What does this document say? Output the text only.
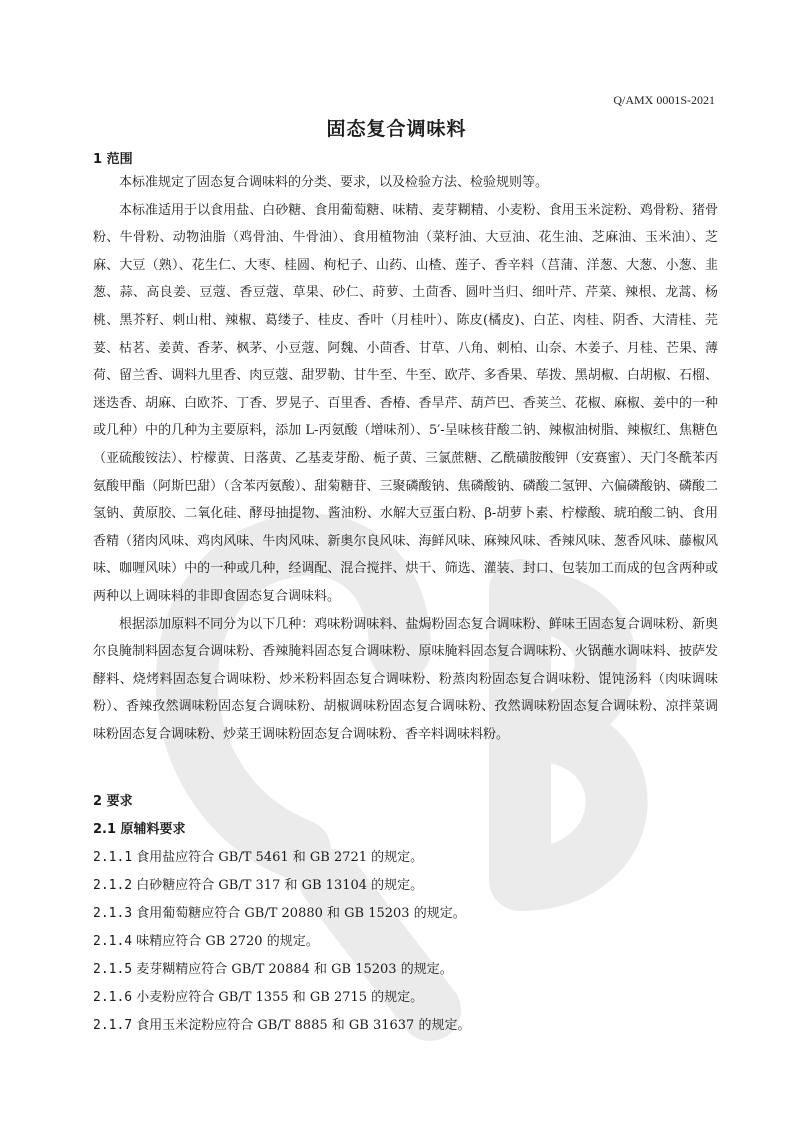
Q/AMX 0001S-2021
固态复合调味料
1 范围

本标准规定了固态复合调味料的分类、要求，以及检验方法、检验规则等。

本标准适用于以食用盐、白砂糖、食用葡萄糖、味精、麦芽糊精、小麦粉、食用玉米淀粉、鸡骨粉、猪骨粉、牛骨粉、动物油脂（鸡骨油、牛骨油）、食用植物油（菜籽油、大豆油、花生油、芝麻油、玉米油）、芝麻、大豆（熟）、花生仁、大枣、桂圆、枸杞子、山药、山楂、莲子、香辛料（莒蒲、洋葱、大葱、小葱、韭葱、蒜、高良姜、豆蔻、香豆蔻、草果、砂仁、莳萝、土茴香、圆叶当归、细叶芹、芹菜、辣根、龙蒿、杨桃、黑芥籽、刺山柑、辣椒、葛缕子、桂皮、香叶（月桂叶）、陈皮(橘皮)、白芷、肉桂、阴香、大清桂、芫荽、枯茗、姜黄、香茅、枫茅、小豆蔻、阿魏、小茴香、甘草、八角、刺柏、山奈、木姜子、月桂、芒果、薄荷、留兰香、调料九里香、肉豆蔻、甜罗勒、甘牛至、牛至、欧芹、多香果、荜拨、黑胡椒、白胡椒、石榴、迷迭香、胡麻、白欧芥、丁香、罗晃子、百里香、香椿、香旱芹、葫芦巴、香荚兰、花椒、麻椒、姜中的一种或几种）中的几种为主要原料，添加 L-丙氨酸（增味剂）、5′-呈味核苷酸二钠、辣椒油树脂、辣椒红、焦糖色（亚硫酸铵法）、柠檬黄、日落黄、乙基麦芽酚、栀子黄、三氯蔗糖、乙酰磺胺酸钾（安赛蜜）、天门冬酰苯丙氨酸甲酯（阿斯巴甜）（含苯丙氨酸）、甜菊糖苷、三聚磷酸钠、焦磷酸钠、磷酸二氢钾、六偏磷酸钠、磷酸二氢钠、黄原胶、二氧化硅、酵母抽提物、酱油粉、水解大豆蛋白粉、β-胡萝卜素、柠檬酸、琥珀酸二钠、食用香精（猪肉风味、鸡肉风味、牛肉风味、新奥尔良风味、海鲜风味、麻辣风味、香辣风味、葱香风味、藤椒风味、咖喱风味）中的一种或几种，经调配、混合搅拌、烘干、筛选、灌装、封口、包装加工而成的包含两种或两种以上调味料的非即食固态复合调味料。

根据添加原料不同分为以下几种：鸡味粉调味料、盐焗粉固态复合调味粉、鲜味王固态复合调味粉、新奥尔良腌制料固态复合调味粉、香辣腌料固态复合调味粉、原味腌料固态复合调味粉、火锅蘸水调味料、披萨发酵料、烧烤料固态复合调味粉、炒米粉料固态复合调味粉、粉蒸肉粉固态复合调味粉、馄饨汤料（肉味调味粉）、香辣孜然调味粉固态复合调味粉、胡椒调味粉固态复合调味粉、孜然调味粉固态复合调味粉、凉拌菜调味粉固态复合调味粉、炒菜王调味粉固态复合调味粉、香辛料调味料粉。

2 要求
2.1 原辅料要求
2.1.1 食用盐应符合 GB/T 5461 和 GB 2721 的规定。
2.1.2 白砂糖应符合 GB/T 317 和 GB 13104 的规定。
2.1.3 食用葡萄糖应符合 GB/T 20880 和 GB 15203 的规定。
2.1.4 味精应符合 GB 2720 的规定。
2.1.5 麦芽糊精应符合 GB/T 20884 和 GB 15203 的规定。
2.1.6 小麦粉应符合 GB/T 1355 和 GB 2715 的规定。
2.1.7 食用玉米淀粉应符合 GB/T 8885 和 GB 31637 的规定。
